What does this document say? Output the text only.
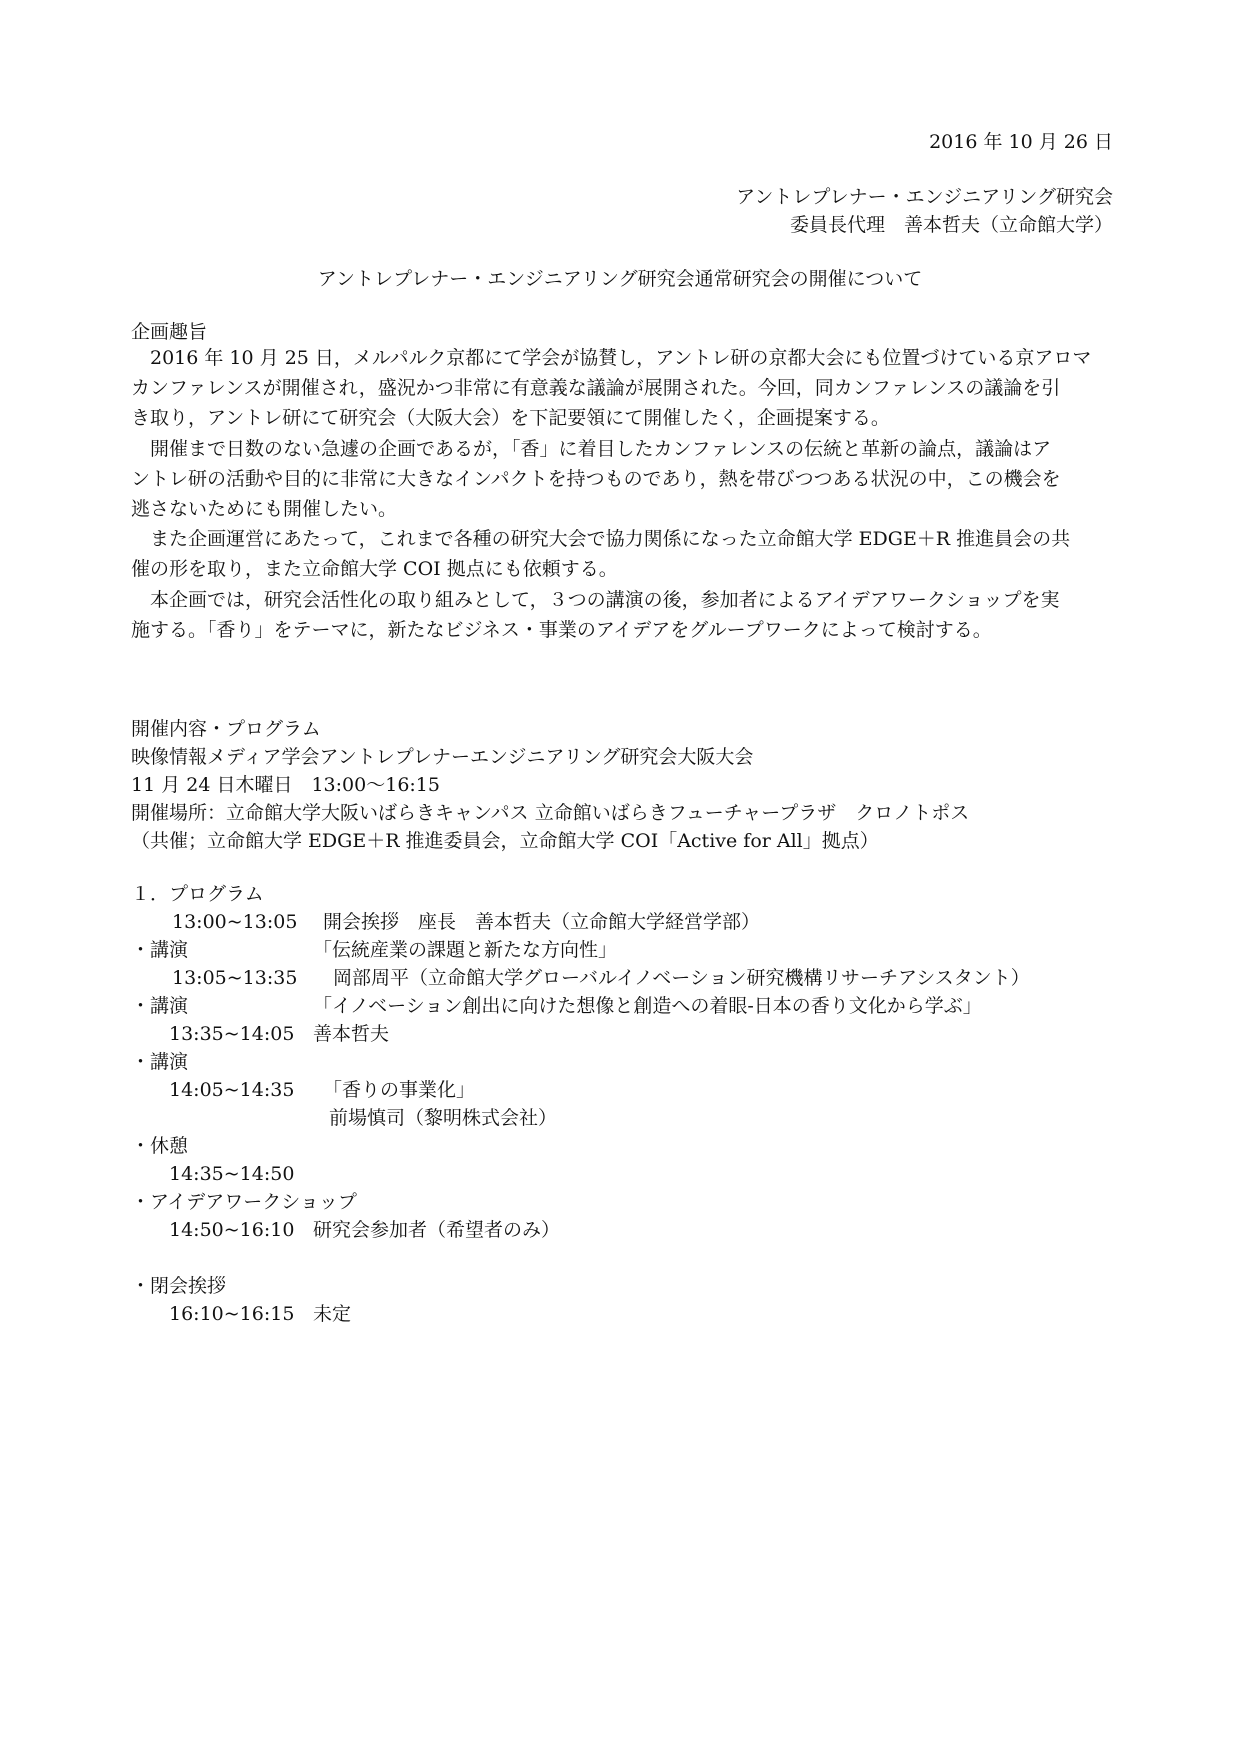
2016 年 10 月 26 日
アントレプレナー・エンジニアリング研究会
委員長代理　善本哲夫（立命館大学）
アントレプレナー・エンジニアリング研究会通常研究会の開催について
企画趣旨
　2016 年 10 月 25 日，メルパルク京都にて学会が協賛し，アントレ研の京都大会にも位置づけている京アロマ
カンファレンスが開催され，盛況かつ非常に有意義な議論が展開された。今回，同カンファレンスの議論を引
き取り，アントレ研にて研究会（大阪大会）を下記要領にて開催したく，企画提案する。
　開催まで日数のない急遽の企画であるが，「香」に着目したカンファレンスの伝統と革新の論点，議論はア
ントレ研の活動や目的に非常に大きなインパクトを持つものであり，熱を帯びつつある状況の中，この機会を
逃さないためにも開催したい。
　また企画運営にあたって，これまで各種の研究大会で協力関係になった立命館大学 EDGE＋R 推進員会の共
催の形を取り，また立命館大学 COI 拠点にも依頼する。
　本企画では，研究会活性化の取り組みとして，３つの講演の後，参加者によるアイデアワークショップを実
施する。「香り」をテーマに，新たなビジネス・事業のアイデアをグループワークによって検討する。
開催内容・プログラム
映像情報メディア学会アントレプレナーエンジニアリング研究会大阪大会
11 月 24 日木曜日　13:00〜16:15
開催場所：立命館大学大阪いばらきキャンパス 立命館いばらきフューチャープラザ　クロノトポス
（共催；立命館大学 EDGE＋R 推進委員会，立命館大学 COI「Active for All」拠点）
１．プログラム
13:00~13:05 開会挨拶　座長　善本哲夫（立命館大学経営学部）
・講演	「伝統産業の課題と新たな方向性」
13:05~13:35 岡部周平（立命館大学グローバルイノベーション研究機構リサーチアシスタント）
・講演	「イノベーション創出に向けた想像と創造への着眼-日本の香り文化から学ぶ」
13:35~14:05 善本哲夫
・講演
14:05~14:35 「香りの事業化」
前場慎司（黎明株式会社）
・休憩
14:35~14:50
・アイデアワークショップ
14:50~16:10 研究会参加者（希望者のみ）
・閉会挨拶
16:10~16:15 未定
